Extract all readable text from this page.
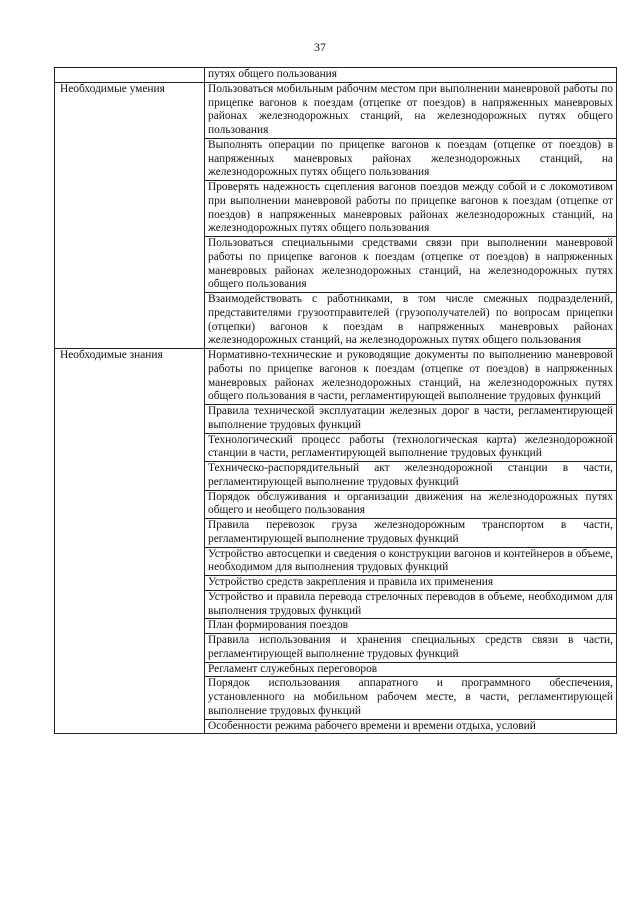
37
	путях общего пользования
Необходимые умения	Пользоваться мобильным рабочим местом при выполнении маневровой работы по прицепке вагонов к поездам (отцепке от поездов) в напряженных маневровых районах железнодорожных станций, на железнодорожных путях общего пользования
	Выполнять операции по прицепке вагонов к поездам (отцепке от поездов) в напряженных маневровых районах железнодорожных станций, на железнодорожных путях общего пользования
	Проверять надежность сцепления вагонов поездов между собой и с локомотивом при выполнении маневровой работы по прицепке вагонов к поездам (отцепке от поездов) в напряженных маневровых районах железнодорожных станций, на железнодорожных путях общего пользования
	Пользоваться специальными средствами связи при выполнении маневровой работы по прицепке вагонов к поездам (отцепке от поездов) в напряженных маневровых районах железнодорожных станций, на железнодорожных путях общего пользования
	Взаимодействовать с работниками, в том числе смежных подразделений, представителями грузоотправителей (грузополучателей) по вопросам прицепки (отцепки) вагонов к поездам в напряженных маневровых районах железнодорожных станций, на железнодорожных путях общего пользования
Необходимые знания	Нормативно-технические и руководящие документы по выполнению маневровой работы по прицепке вагонов к поездам (отцепке от поездов) в напряженных маневровых районах железнодорожных станций, на железнодорожных путях общего пользования в части, регламентирующей выполнение трудовых функций
	Правила технической эксплуатации железных дорог в части, регламентирующей выполнение трудовых функций
	Технологический процесс работы (технологическая карта) железнодорожной станции в части, регламентирующей выполнение трудовых функций
	Техническо-распорядительный акт железнодорожной станции в части, регламентирующей выполнение трудовых функций
	Порядок обслуживания и организации движения на железнодорожных путях общего и необщего пользования
	Правила перевозок груза железнодорожным транспортом в части, регламентирующей выполнение трудовых функций
	Устройство автосцепки и сведения о конструкции вагонов и контейнеров в объеме, необходимом для выполнения трудовых функций
	Устройство средств закрепления и правила их применения
	Устройство и правила перевода стрелочных переводов в объеме, необходимом для выполнения трудовых функций
	План формирования поездов
	Правила использования и хранения специальных средств связи в части, регламентирующей выполнение трудовых функций
	Регламент служебных переговоров
	Порядок использования аппаратного и программного обеспечения, установленного на мобильном рабочем месте, в части, регламентирующей выполнение трудовых функций
	Особенности режима рабочего времени и времени отдыха, условий
